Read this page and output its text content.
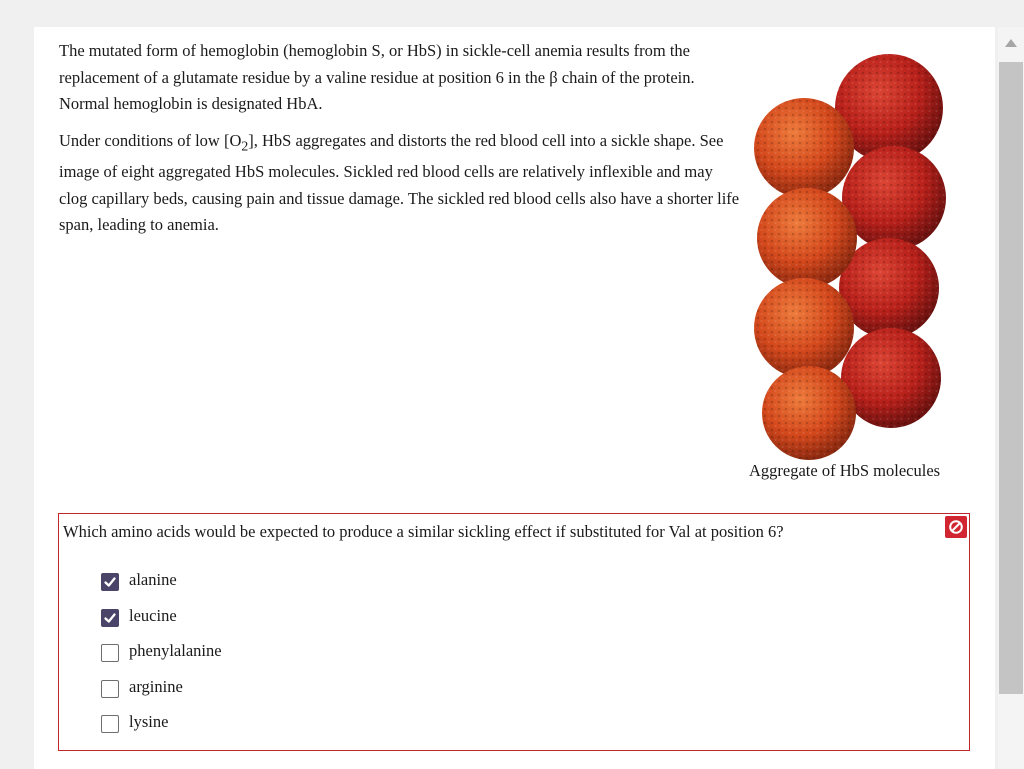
The mutated form of hemoglobin (hemoglobin S, or HbS) in sickle-cell anemia results from the replacement of a glutamate residue by a valine residue at position 6 in the β chain of the protein. Normal hemoglobin is designated HbA.

Under conditions of low $[O_2]$, HbS aggregates and distorts the red blood cell into a sickle shape. See image of eight aggregated HbS molecules. Sickled red blood cells are relatively inflexible and may clog capillary beds, causing pain and tissue damage. The sickled red blood cells also have a shorter life span, leading to anemia.

Aggregate of HbS molecules
Which amino acids would be expected to produce a similar sickling effect if substituted for Val at position 6?
alanine
leucine
phenylalanine
arginine
lysine
